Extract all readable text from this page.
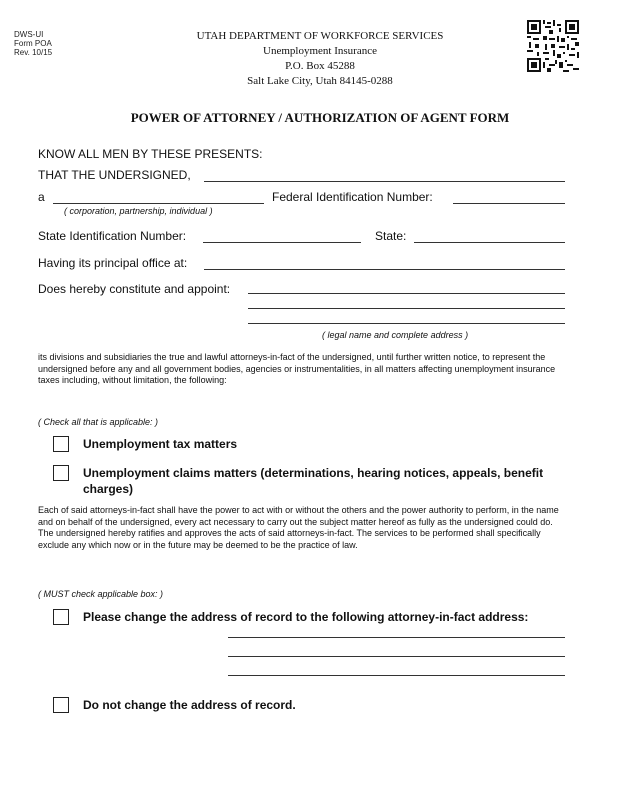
DWS-UI
Form POA
Rev. 10/15
UTAH DEPARTMENT OF WORKFORCE SERVICES
Unemployment Insurance
P.O. Box 45288
Salt Lake City, Utah 84145-0288
POWER OF ATTORNEY / AUTHORIZATION OF AGENT FORM
KNOW ALL MEN BY THESE PRESENTS:
THAT THE UNDERSIGNED,
a
( corporation, partnership, individual )
Federal Identification Number:
State Identification Number:	State:
Having its principal office at:
Does hereby constitute and appoint:
( legal name and complete address )
its divisions and subsidiaries the true and lawful attorneys-in-fact of the undersigned, until further written notice, to represent the undersigned before any and all government bodies, agencies or instrumentalities, in all matters affecting unemployment insurance taxes including, without limitation, the following:
( Check all that is applicable: )
Unemployment tax matters
Unemployment claims matters (determinations, hearing notices, appeals, benefit charges)
Each of said attorneys-in-fact shall have the power to act with or without the others and the power authority to perform, in the name and on behalf of the undersigned, every act necessary to carry out the subject matter hereof as fully as the undersigned could do. The undersigned hereby ratifies and approves the acts of said attorneys-in-fact. The services to be performed shall specifically exclude any which now or in the future may be deemed to be the practice of law.
( MUST check applicable box: )
Please change the address of record to the following attorney-in-fact address:
Do not change the address of record.
